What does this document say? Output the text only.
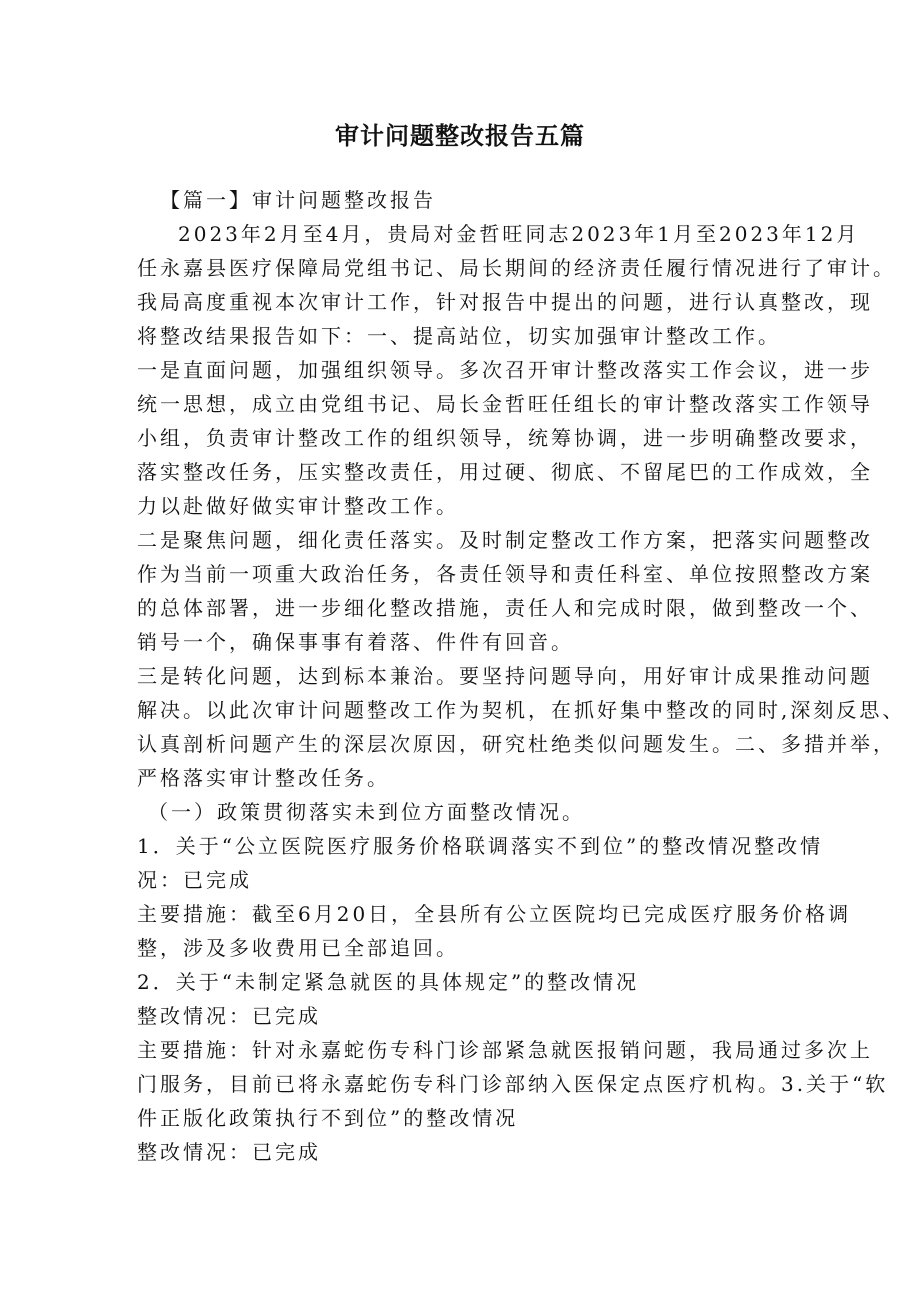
审计问题整改报告五篇
【篇一】审计问题整改报告
2023年2月至4月，贵局对金哲旺同志2023年1月至2023年12月
任永嘉县医疗保障局党组书记、局长期间的经济责任履行情况进行了审计。
我局高度重视本次审计工作，针对报告中提出的问题，进行认真整改，现
将整改结果报告如下：一、提高站位，切实加强审计整改工作。
一是直面问题，加强组织领导。多次召开审计整改落实工作会议，进一步
统一思想，成立由党组书记、局长金哲旺任组长的审计整改落实工作领导
小组，负责审计整改工作的组织领导，统筹协调，进一步明确整改要求，
落实整改任务，压实整改责任，用过硬、彻底、不留尾巴的工作成效，全
力以赴做好做实审计整改工作。
二是聚焦问题，细化责任落实。及时制定整改工作方案，把落实问题整改
作为当前一项重大政治任务，各责任领导和责任科室、单位按照整改方案
的总体部署，进一步细化整改措施，责任人和完成时限，做到整改一个、
销号一个，确保事事有着落、件件有回音。
三是转化问题，达到标本兼治。要坚持问题导向，用好审计成果推动问题
解决。以此次审计问题整改工作为契机，在抓好集中整改的同时,深刻反思、
认真剖析问题产生的深层次原因，研究杜绝类似问题发生。二、多措并举，
严格落实审计整改任务。
（一）政策贯彻落实未到位方面整改情况。
1．关于“公立医院医疗服务价格联调落实不到位”的整改情况整改情
况：已完成
主要措施：截至6月20日，全县所有公立医院均已完成医疗服务价格调
整，涉及多收费用已全部追回。
2．关于“未制定紧急就医的具体规定”的整改情况
整改情况：已完成
主要措施：针对永嘉蛇伤专科门诊部紧急就医报销问题，我局通过多次上
门服务，目前已将永嘉蛇伤专科门诊部纳入医保定点医疗机构。3.关于“软
件正版化政策执行不到位”的整改情况
整改情况：已完成
